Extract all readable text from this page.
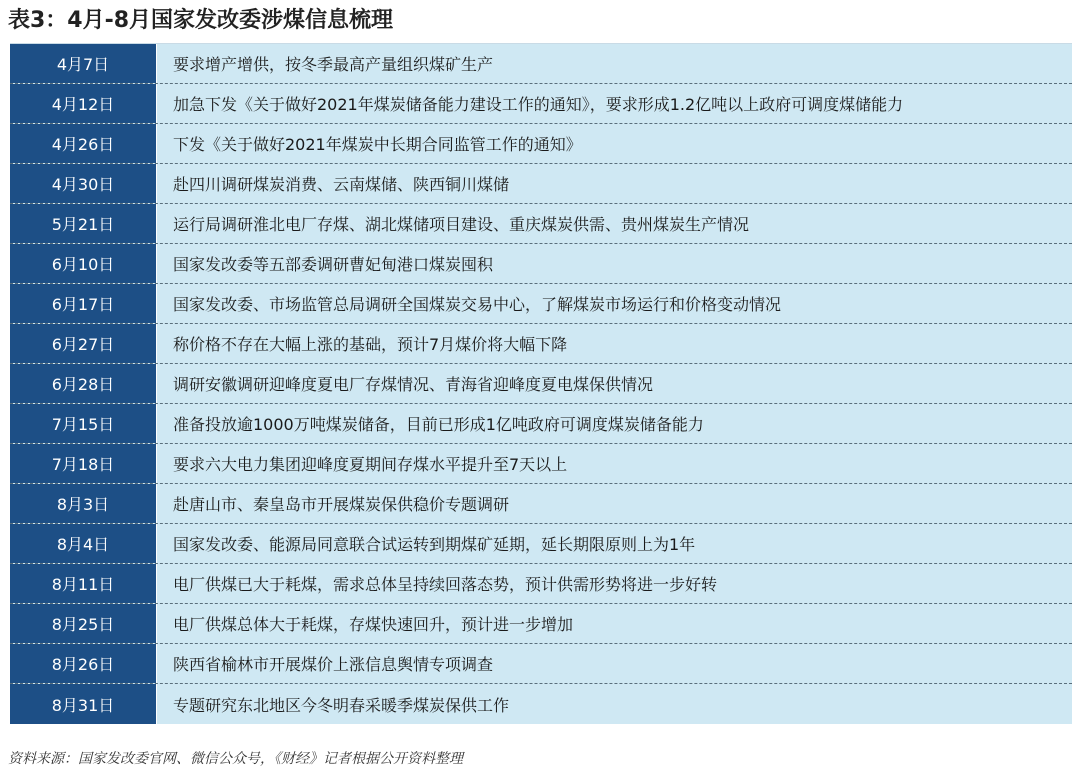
表3：4月-8月国家发改委涉煤信息梳理
4月7日	要求增产增供，按冬季最高产量组织煤矿生产
4月12日	加急下发《关于做好2021年煤炭储备能力建设工作的通知》，要求形成1.2亿吨以上政府可调度煤储能力
4月26日	下发《关于做好2021年煤炭中长期合同监管工作的通知》
4月30日	赴四川调研煤炭消费、云南煤储、陕西铜川煤储
5月21日	运行局调研淮北电厂存煤、湖北煤储项目建设、重庆煤炭供需、贵州煤炭生产情况
6月10日	国家发改委等五部委调研曹妃甸港口煤炭囤积
6月17日	国家发改委、市场监管总局调研全国煤炭交易中心，了解煤炭市场运行和价格变动情况
6月27日	称价格不存在大幅上涨的基础，预计7月煤价将大幅下降
6月28日	调研安徽调研迎峰度夏电厂存煤情况、青海省迎峰度夏电煤保供情况
7月15日	准备投放逾1000万吨煤炭储备，目前已形成1亿吨政府可调度煤炭储备能力
7月18日	要求六大电力集团迎峰度夏期间存煤水平提升至7天以上
8月3日	赴唐山市、秦皇岛市开展煤炭保供稳价专题调研
8月4日	国家发改委、能源局同意联合试运转到期煤矿延期，延长期限原则上为1年
8月11日	电厂供煤已大于耗煤，需求总体呈持续回落态势，预计供需形势将进一步好转
8月25日	电厂供煤总体大于耗煤，存煤快速回升，预计进一步增加
8月26日	陕西省榆林市开展煤价上涨信息舆情专项调查
8月31日	专题研究东北地区今冬明春采暖季煤炭保供工作
资料来源：国家发改委官网、微信公众号，《财经》记者根据公开资料整理
